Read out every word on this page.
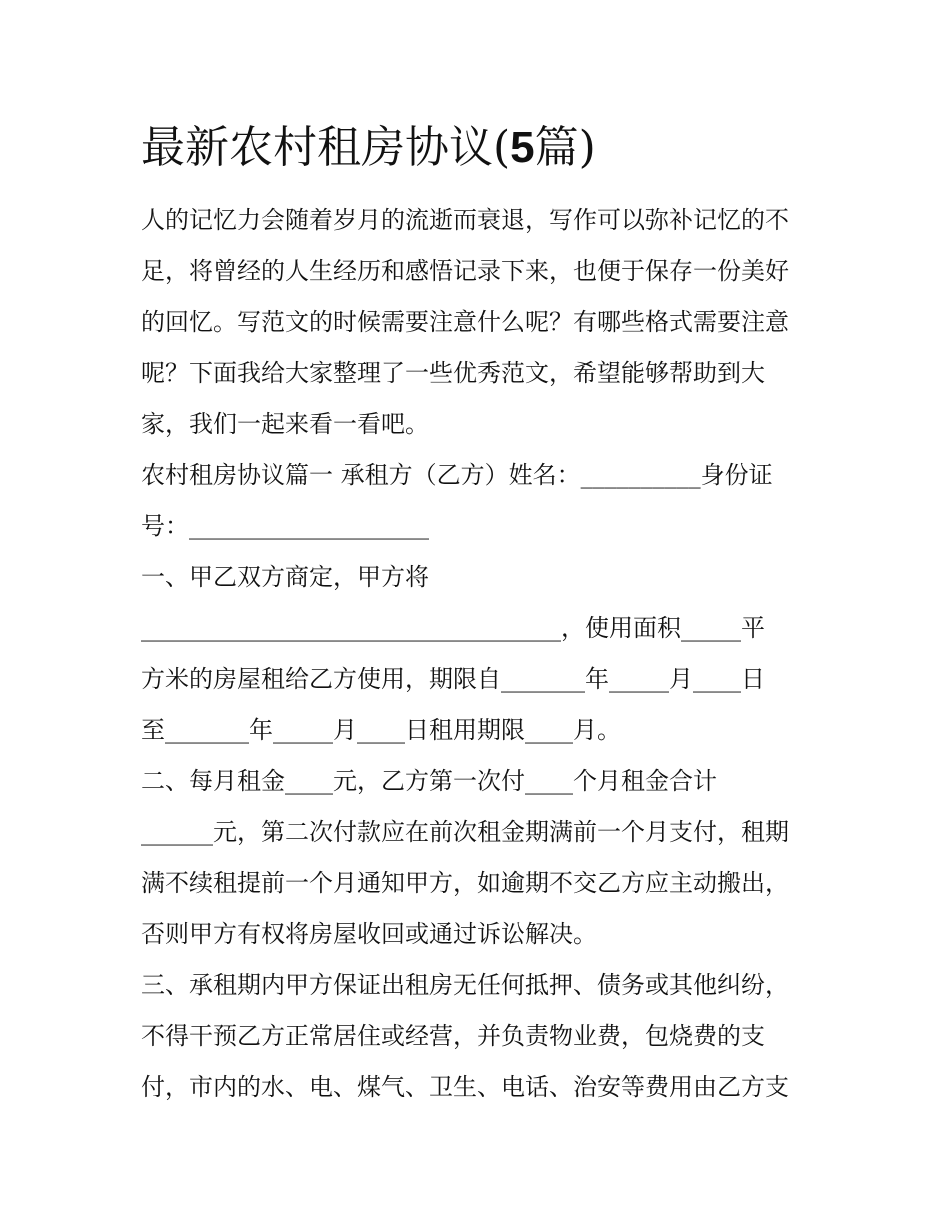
最新农村租房协议(5篇)
人的记忆力会随着岁月的流逝而衰退，写作可以弥补记忆的不
足，将曾经的人生经历和感悟记录下来，也便于保存一份美好
的回忆。写范文的时候需要注意什么呢？有哪些格式需要注意
呢？下面我给大家整理了一些优秀范文，希望能够帮助到大
家，我们一起来看一看吧。
农村租房协议篇一 承租方（乙方）姓名：__________身份证
号：____________________
一、甲乙双方商定，甲方将
___________________________________，使用面积_____平
方米的房屋租给乙方使用，期限自_______年_____月____日
至_______年_____月____日租用期限____月。
二、每月租金____元，乙方第一次付____个月租金合计
______元，第二次付款应在前次租金期满前一个月支付，租期
满不续租提前一个月通知甲方，如逾期不交乙方应主动搬出，
否则甲方有权将房屋收回或通过诉讼解决。
三、承租期内甲方保证出租房无任何抵押、债务或其他纠纷，
不得干预乙方正常居住或经营，并负责物业费，包烧费的支
付，市内的水、电、煤气、卫生、电话、治安等费用由乙方支
